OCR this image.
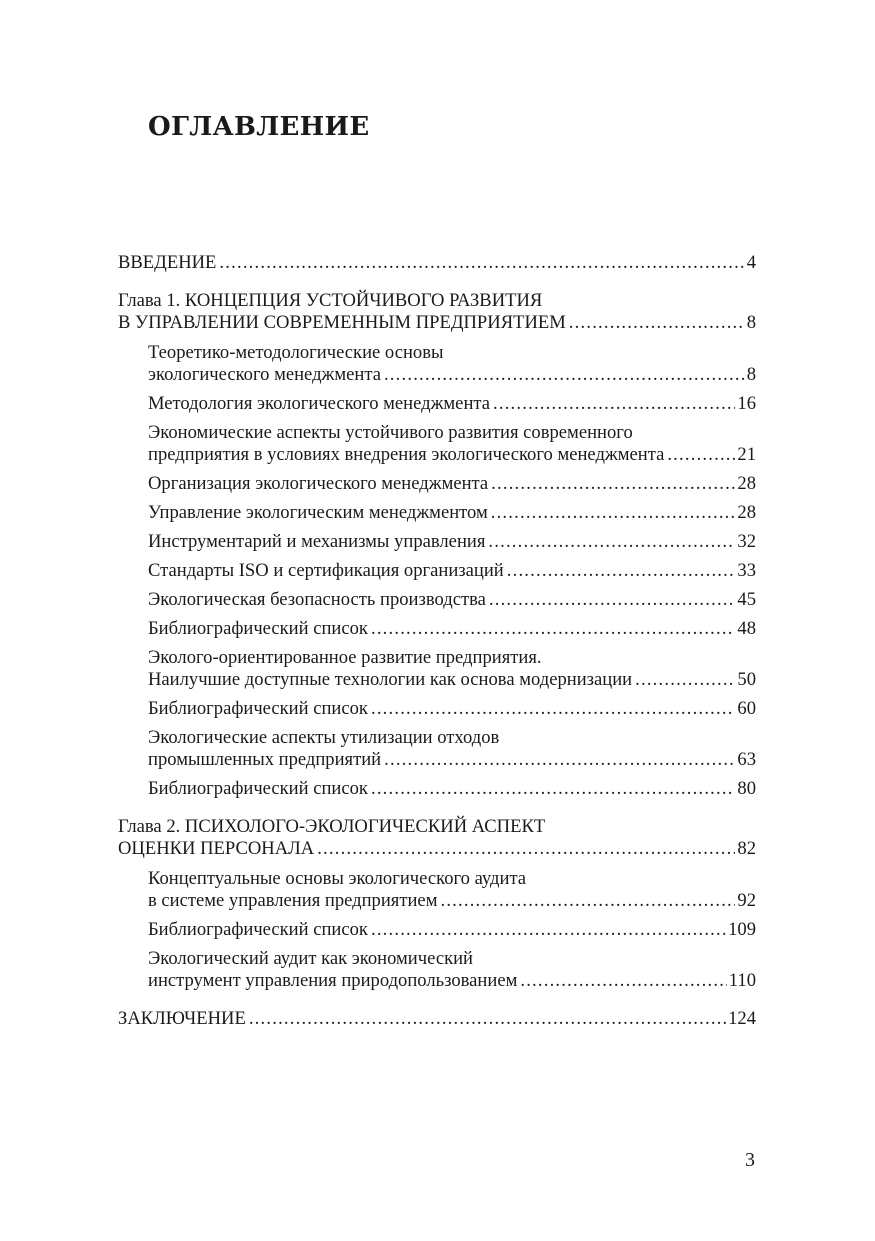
ОГЛАВЛЕНИЕ
ВВЕДЕНИЕ .....	4
Глава 1. КОНЦЕПЦИЯ УСТОЙЧИВОГО РАЗВИТИЯ
В УПРАВЛЕНИИ СОВРЕМЕННЫМ ПРЕДПРИЯТИЕМ .....	8
Теоретико-методологические основы
экологического менеджмента .....	8
Методология экологического менеджмента .....	16
Экономические аспекты устойчивого развития современного
предприятия в условиях внедрения экологического менеджмента .....	21
Организация экологического менеджмента .....	28
Управление экологическим менеджментом .....	28
Инструментарий и механизмы управления .....	32
Стандарты ISO и сертификация организаций .....	33
Экологическая безопасность производства .....	45
Библиографический список .....	48
Эколого-ориентированное развитие предприятия.
Наилучшие доступные технологии как основа модернизации .....	50
Библиографический список .....	60
Экологические аспекты утилизации отходов
промышленных предприятий .....	63
Библиографический список .....	80
Глава 2. ПСИХОЛОГО-ЭКОЛОГИЧЕСКИЙ АСПЕКТ
ОЦЕНКИ ПЕРСОНАЛА .....	82
Концептуальные основы экологического аудита
в системе управления предприятием .....	92
Библиографический список .....	109
Экологический аудит как экономический
инструмент управления природопользованием .....	110
ЗАКЛЮЧЕНИЕ .....	124
3
